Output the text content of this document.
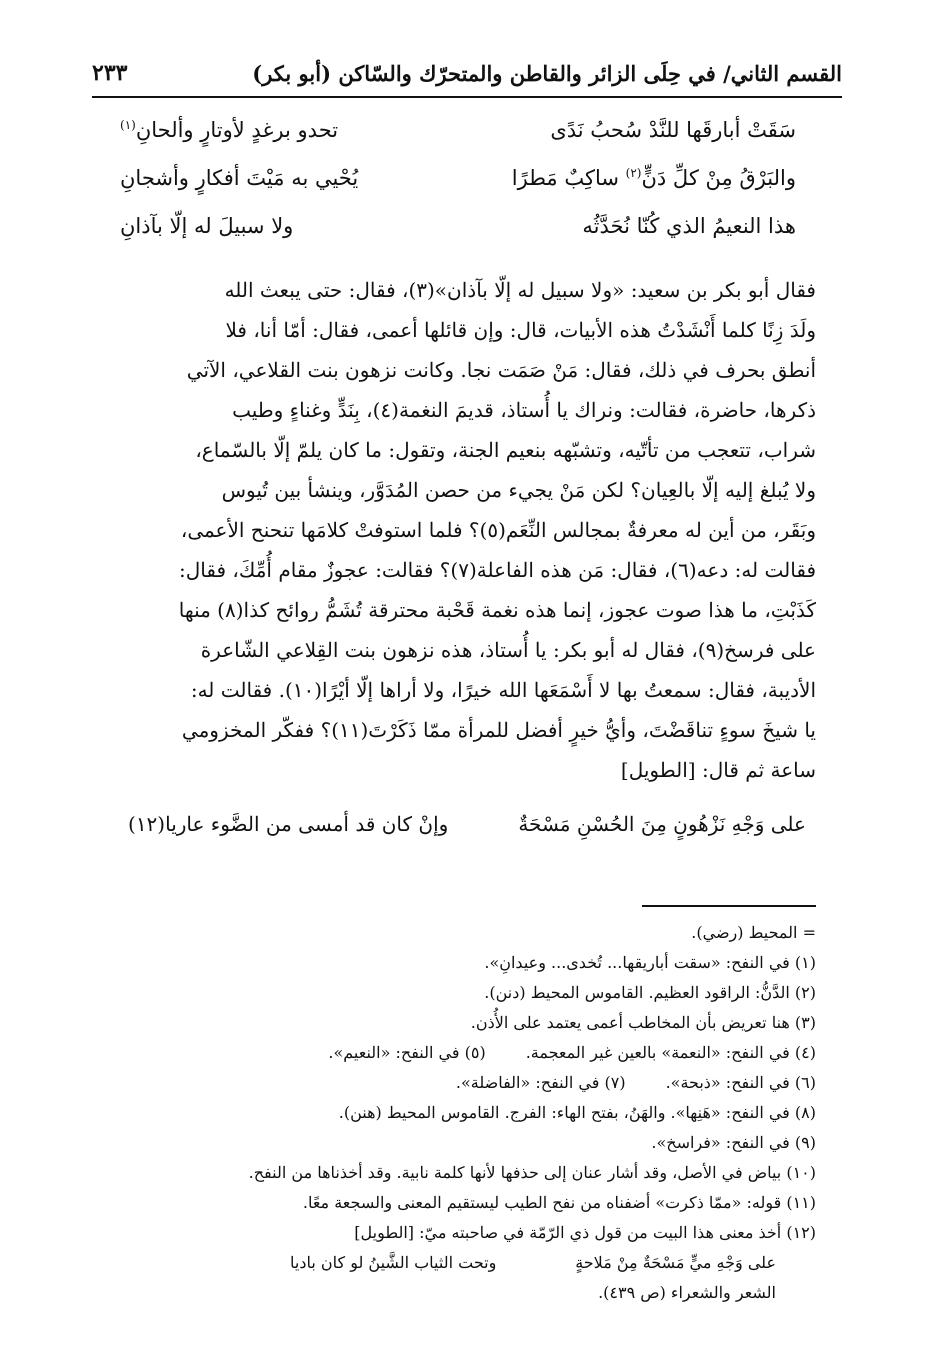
القسم الثاني/ في حِلَى الزائر والقاطن والمتحرّك والسّاكن (أبو بكر)
٢٣٣
سَقَتْ أبارقَها للنَّدْ سُحبُ نَدًى
تحدو برغدٍ لأوتارٍ وألحانِ$^{(١)}$
والبَرْقُ مِنْ كلِّ دَنٍّ$^{(٢)}$ ساكِبٌ مَطرًا
يُحْيي به مَيْتَ أفكارٍ وأشجانِ
هذا النعيمُ الذي كُنّا نُحَدَّثُه
ولا سبيلَ له إلّا بآذانِ

فقال أبو بكر بن سعيد: «ولا سبيل له إلّا بآذان»(٣)، فقال: حتى يبعث الله

ولَدَ زِنًا كلما أَنْشَدْتُ هذه الأبيات، قال: وإن قائلها أعمى، فقال: أمّا أنا، فلا

أنطق بحرف في ذلك، فقال: مَنْ صَمَت نجا. وكانت نزهون بنت القلاعي، الآتي

ذكرها، حاضرة، فقالت: ونراك يا أُستاذ، قديمَ النغمة(٤)، بِنَدٍّ وغناءٍ وطيب

شراب، تتعجب من تأتّيه، وتشبّهه بنعيم الجنة، وتقول: ما كان يلمّ إلّا بالسّماع،

ولا يُبلغ إليه إلّا بالعِيان؟ لكن مَنْ يجيء من حصن المُدَوَّر، وينشأ بين تُيوس

وبَقَر، من أين له معرفةٌ بمجالس النِّعَم(٥)؟ فلما استوفتْ كلامَها تنحنح الأعمى،

فقالت له: دعه(٦)، فقال: مَن هذه الفاعلة(٧)؟ فقالت: عجوزٌ مقام أُمِّكَ، فقال:

كَذَبْتِ، ما هذا صوت عجوز، إنما هذه نغمة قَحْبة محترقة تُشَمُّ روائح كذا(٨) منها

على فرسخ(٩)، فقال له أبو بكر: يا أُستاذ، هذه نزهون بنت القِلاعي الشّاعرة

الأديبة، فقال: سمعتُ بها لا أَسْمَعَها الله خيرًا، ولا أراها إلّا أيْرًا(١٠). فقالت له:

يا شيخَ سوءٍ تناقَضْتَ، وأيُّ خيرٍ أفضل للمرأة ممّا ذَكَرْتَ(١١)؟ ففكّر المخزومي

ساعة ثم قال: [الطويل]

على وَجْهِ نَزْهُونٍ مِنَ الحُسْنِ مَسْحَةٌ
وإنْ كان قد أمسى من الضَّوء عاريا(١٢)
= المحيط (رضي).
(١) في النفح: «سقت أباريقها... تُخدى... وعيدانِ».
(٢) الدَّنُّ: الراقود العظيم. القاموس المحيط (دنن).
(٣) هنا تعريض بأن المخاطب أعمى يعتمد على الأُذن.
(٤) في النفح: «النعمة» بالعين غير المعجمة.
(٥) في النفح: «النعيم».
(٦) في النفح: «ذبحة».
(٧) في النفح: «الفاضلة».
(٨) في النفح: «هَنِها». والهَنُ، بفتح الهاء: الفرج. القاموس المحيط (هنن).
(٩) في النفح: «فراسخ».
(١٠) بياض في الأصل، وقد أشار عنان إلى حذفها لأنها كلمة نابية. وقد أخذناها من النفح.
(١١) قوله: «ممّا ذكرت» أضفناه من نفح الطيب ليستقيم المعنى والسجعة معًا.
(١٢) أخذ معنى هذا البيت من قول ذي الرّمّة في صاحبته ميّ: [الطويل]
على وَجْهِ ميٍّ مَسْحَةٌ مِنْ مَلاحةٍ
وتحت الثياب الشَّينُ لو كان باديا
الشعر والشعراء (ص ٤٣٩).
